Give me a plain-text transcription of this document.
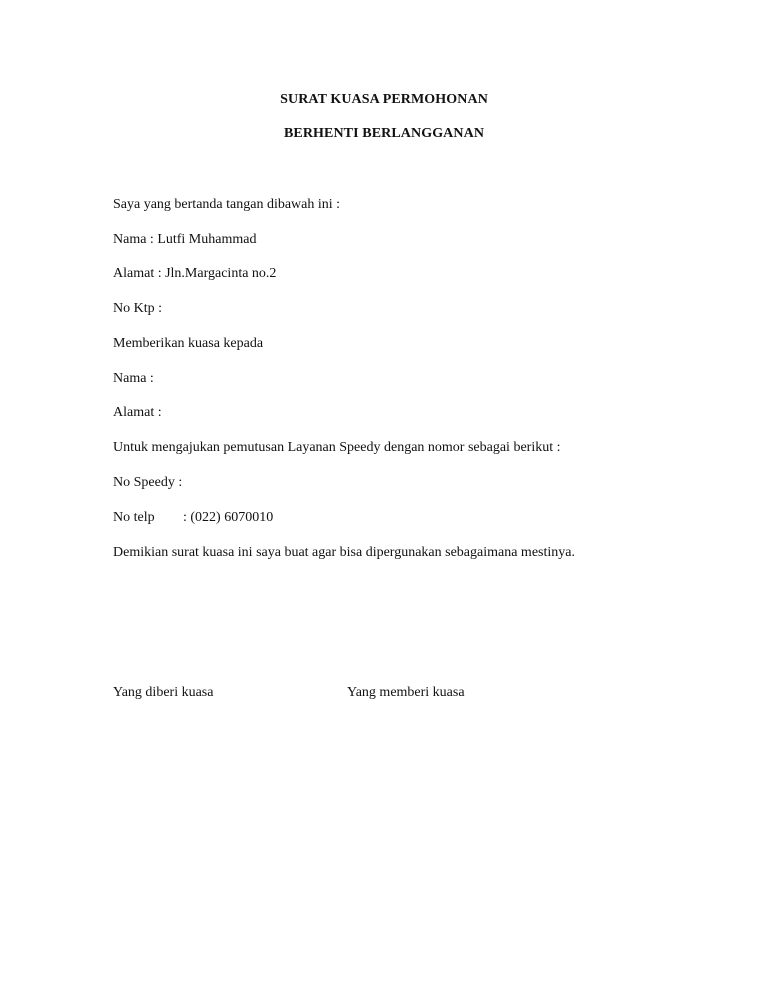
SURAT KUASA PERMOHONAN
BERHENTI BERLANGGANAN
Saya yang bertanda tangan dibawah ini :
Nama : Lutfi Muhammad
Alamat : Jln.Margacinta no.2
No Ktp :
Memberikan kuasa kepada
Nama :
Alamat :
Untuk mengajukan pemutusan Layanan Speedy dengan nomor sebagai berikut :
No Speedy :
No telp : (022) 6070010
Demikian surat kuasa ini saya buat agar bisa dipergunakan sebagaimana mestinya.
Yang diberi kuasa	Yang memberi kuasa
